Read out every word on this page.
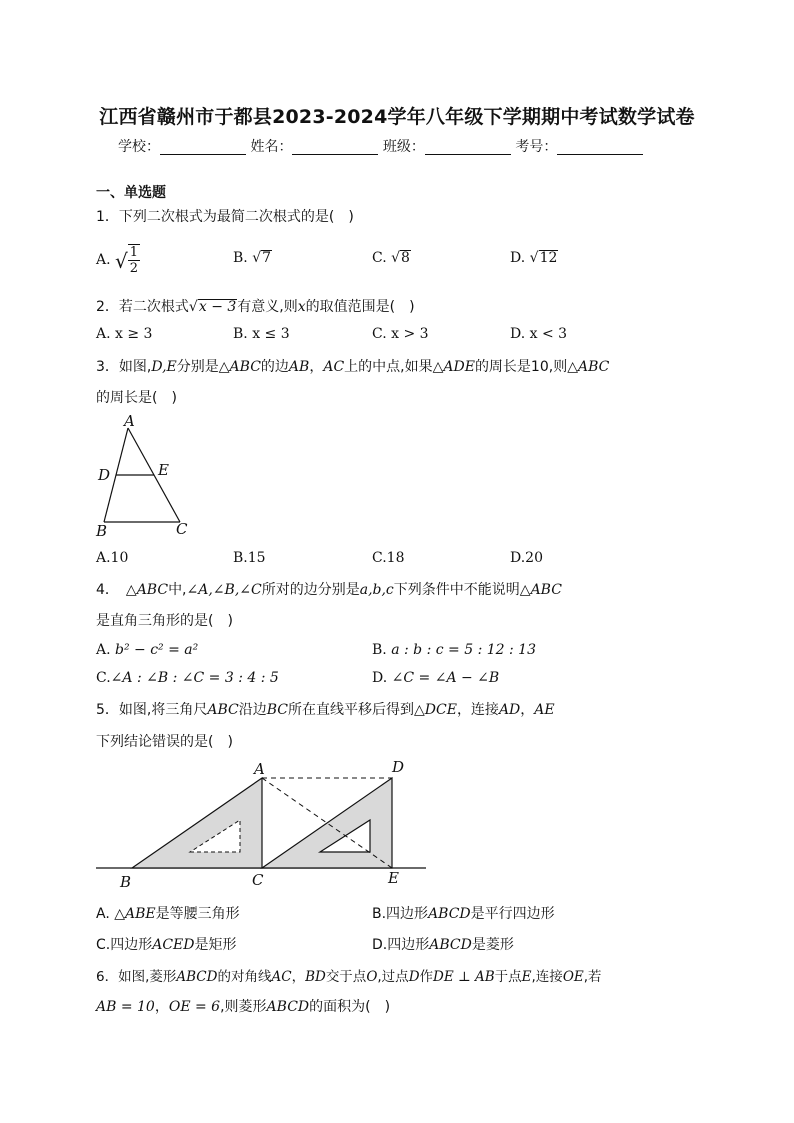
江西省赣州市于都县2023-2024学年八年级下学期期中考试数学试卷
学校：	姓名：	班级：	考号：
一、单选题
1．下列二次根式为最简二次根式的是(　)
A. √ $\frac{1}{2}$	B. √7	C. √8	D. √12
2．若二次根式√x − 3有意义,则x的取值范围是(　)
A. x ≥ 3	B. x ≤ 3	C. x > 3	D. x < 3
3．如图,D,E分别是△ABC的边AB，AC上的中点,如果△ADE的周长是10,则△ABC
的周长是(　)
A
D	E
B	C
A.10	B.15	C.18	D.20
4．　△ABC中,∠A,∠B,∠C所对的边分别是a,b,c下列条件中不能说明△ABC
是直角三角形的是(　)
A. b² − c² = a²	B. a : b : c = 5 : 12 : 13
C.∠A : ∠B : ∠C = 3 : 4 : 5	D. ∠C = ∠A − ∠B
5．如图,将三角尺ABC沿边BC所在直线平移后得到△DCE，连接AD，AE
下列结论错误的是(　)
A	D
B	C	E
A. △ABE是等腰三角形	B.四边形ABCD是平行四边形
C.四边形ACED是矩形	D.四边形ABCD是菱形
6．如图,菱形ABCD的对角线AC，BD交于点O,过点D作DE ⊥ AB于点E,连接OE,若
AB = 10，OE = 6,则菱形ABCD的面积为(　)
